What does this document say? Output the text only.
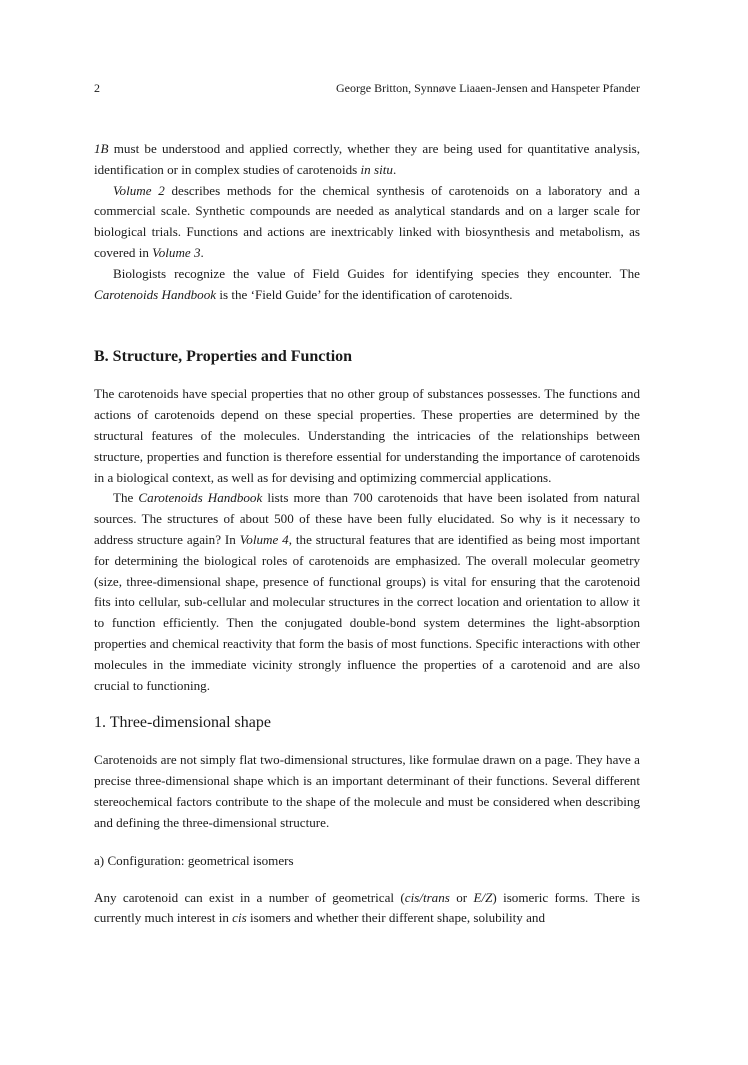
2	George Britton, Synnøve Liaaen-Jensen and Hanspeter Pfander

1B must be understood and applied correctly, whether they are being used for quantitative analysis, identification or in complex studies of carotenoids in situ.

Volume 2 describes methods for the chemical synthesis of carotenoids on a laboratory and a commercial scale. Synthetic compounds are needed as analytical standards and on a larger scale for biological trials. Functions and actions are inextricably linked with biosynthesis and metabolism, as covered in Volume 3.

Biologists recognize the value of Field Guides for identifying species they encounter. The Carotenoids Handbook is the ‘Field Guide’ for the identification of carotenoids.

B. Structure, Properties and Function

The carotenoids have special properties that no other group of substances possesses. The functions and actions of carotenoids depend on these special properties. These properties are determined by the structural features of the molecules. Understanding the intricacies of the relationships between structure, properties and function is therefore essential for understanding the importance of carotenoids in a biological context, as well as for devising and optimizing commercial applications.

The Carotenoids Handbook lists more than 700 carotenoids that have been isolated from natural sources. The structures of about 500 of these have been fully elucidated. So why is it necessary to address structure again? In Volume 4, the structural features that are identified as being most important for determining the biological roles of carotenoids are emphasized. The overall molecular geometry (size, three-dimensional shape, presence of functional groups) is vital for ensuring that the carotenoid fits into cellular, sub-cellular and molecular structures in the correct location and orientation to allow it to function efficiently. Then the conjugated double-bond system determines the light-absorption properties and chemical reactivity that form the basis of most functions. Specific interactions with other molecules in the immediate vicinity strongly influence the properties of a carotenoid and are also crucial to functioning.

1. Three-dimensional shape

Carotenoids are not simply flat two-dimensional structures, like formulae drawn on a page. They have a precise three-dimensional shape which is an important determinant of their functions. Several different stereochemical factors contribute to the shape of the molecule and must be considered when describing and defining the three-dimensional structure.

a) Configuration: geometrical isomers

Any carotenoid can exist in a number of geometrical (cis/trans or E/Z) isomeric forms. There is currently much interest in cis isomers and whether their different shape, solubility and
